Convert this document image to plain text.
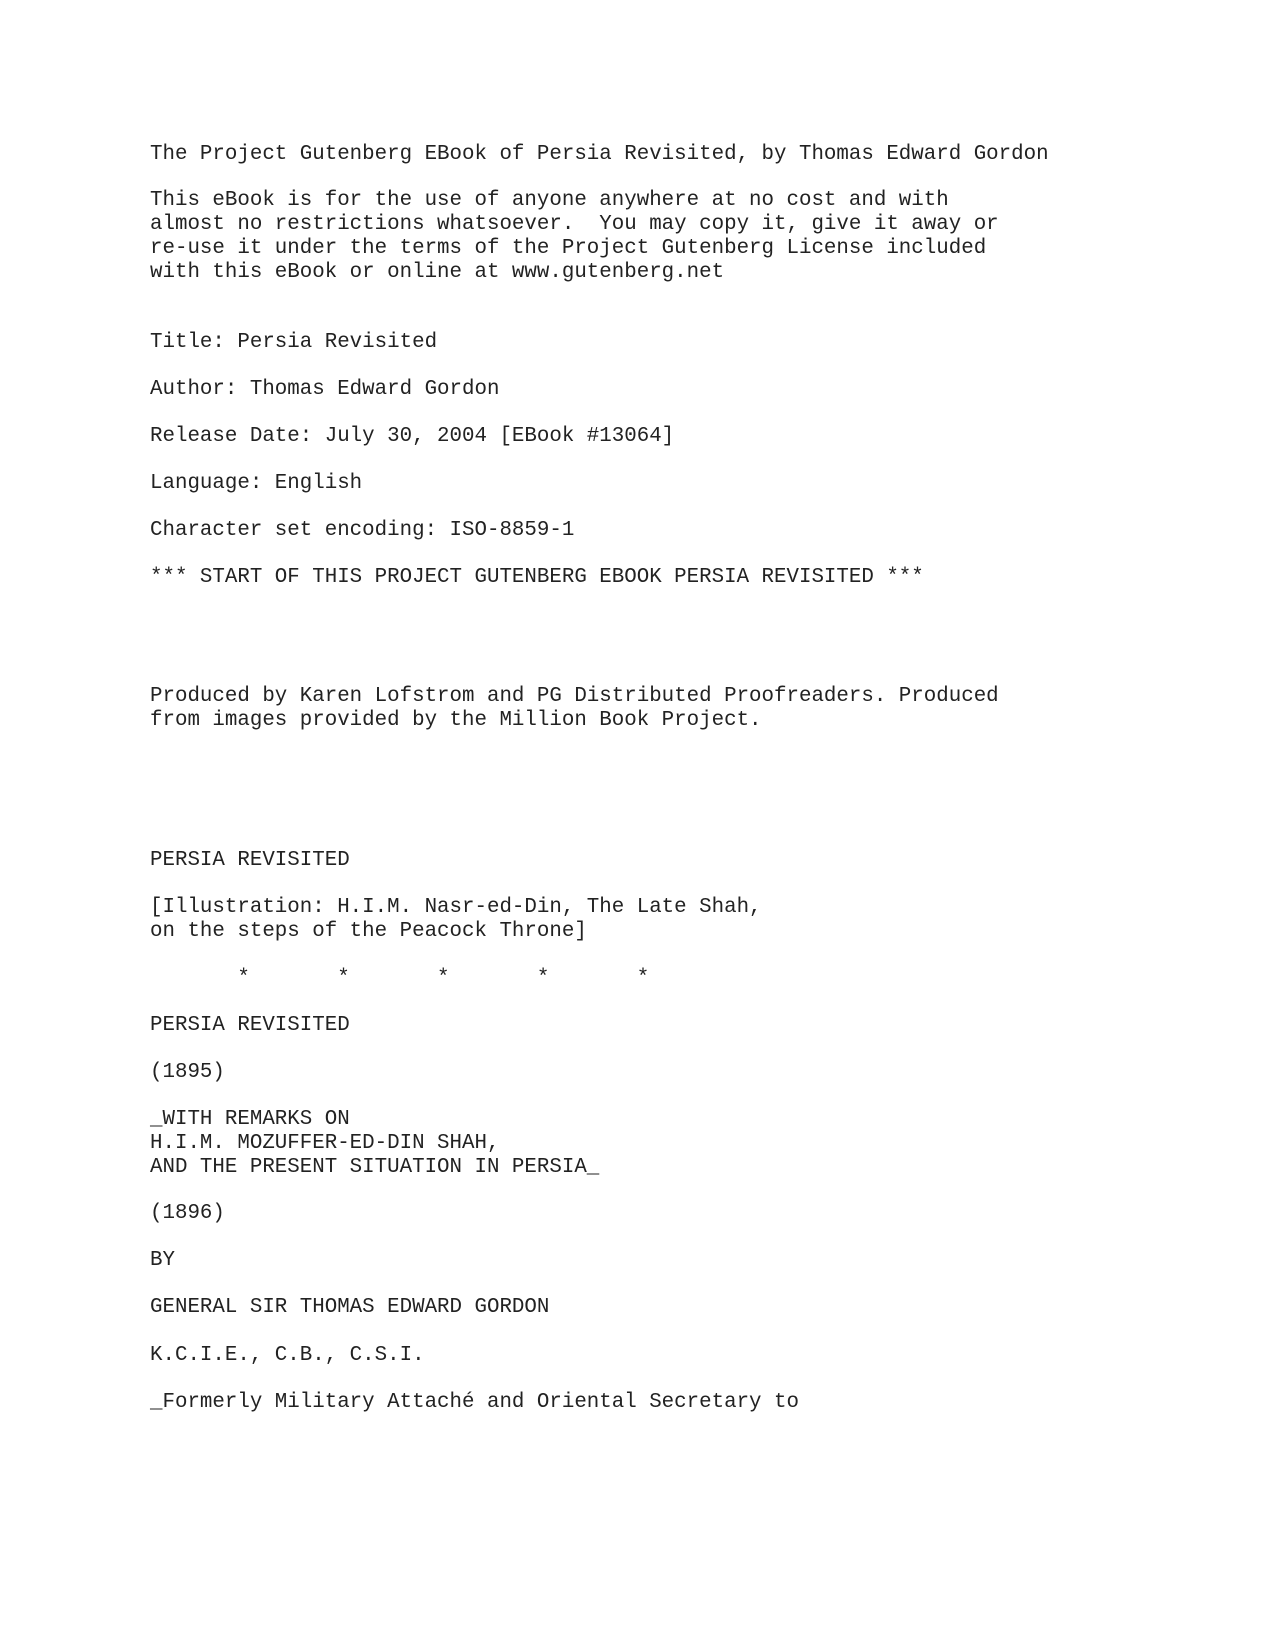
The Project Gutenberg EBook of Persia Revisited, by Thomas Edward Gordon

This eBook is for the use of anyone anywhere at no cost and with

almost no restrictions whatsoever.  You may copy it, give it away or

re-use it under the terms of the Project Gutenberg License included

with this eBook or online at www.gutenberg.net

Title: Persia Revisited

Author: Thomas Edward Gordon

Release Date: July 30, 2004 [EBook #13064]

Language: English

Character set encoding: ISO-8859-1

*** START OF THIS PROJECT GUTENBERG EBOOK PERSIA REVISITED ***

Produced by Karen Lofstrom and PG Distributed Proofreaders. Produced

from images provided by the Million Book Project.

PERSIA REVISITED

[Illustration: H.I.M. Nasr-ed-Din, The Late Shah,

on the steps of the Peacock Throne]

*       *       *       *       *

PERSIA REVISITED

(1895)

_WITH REMARKS ON

H.I.M. MOZUFFER-ED-DIN SHAH,

AND THE PRESENT SITUATION IN PERSIA_

(1896)

BY

GENERAL SIR THOMAS EDWARD GORDON

K.C.I.E., C.B., C.S.I.

_Formerly Military Attaché and Oriental Secretary to
